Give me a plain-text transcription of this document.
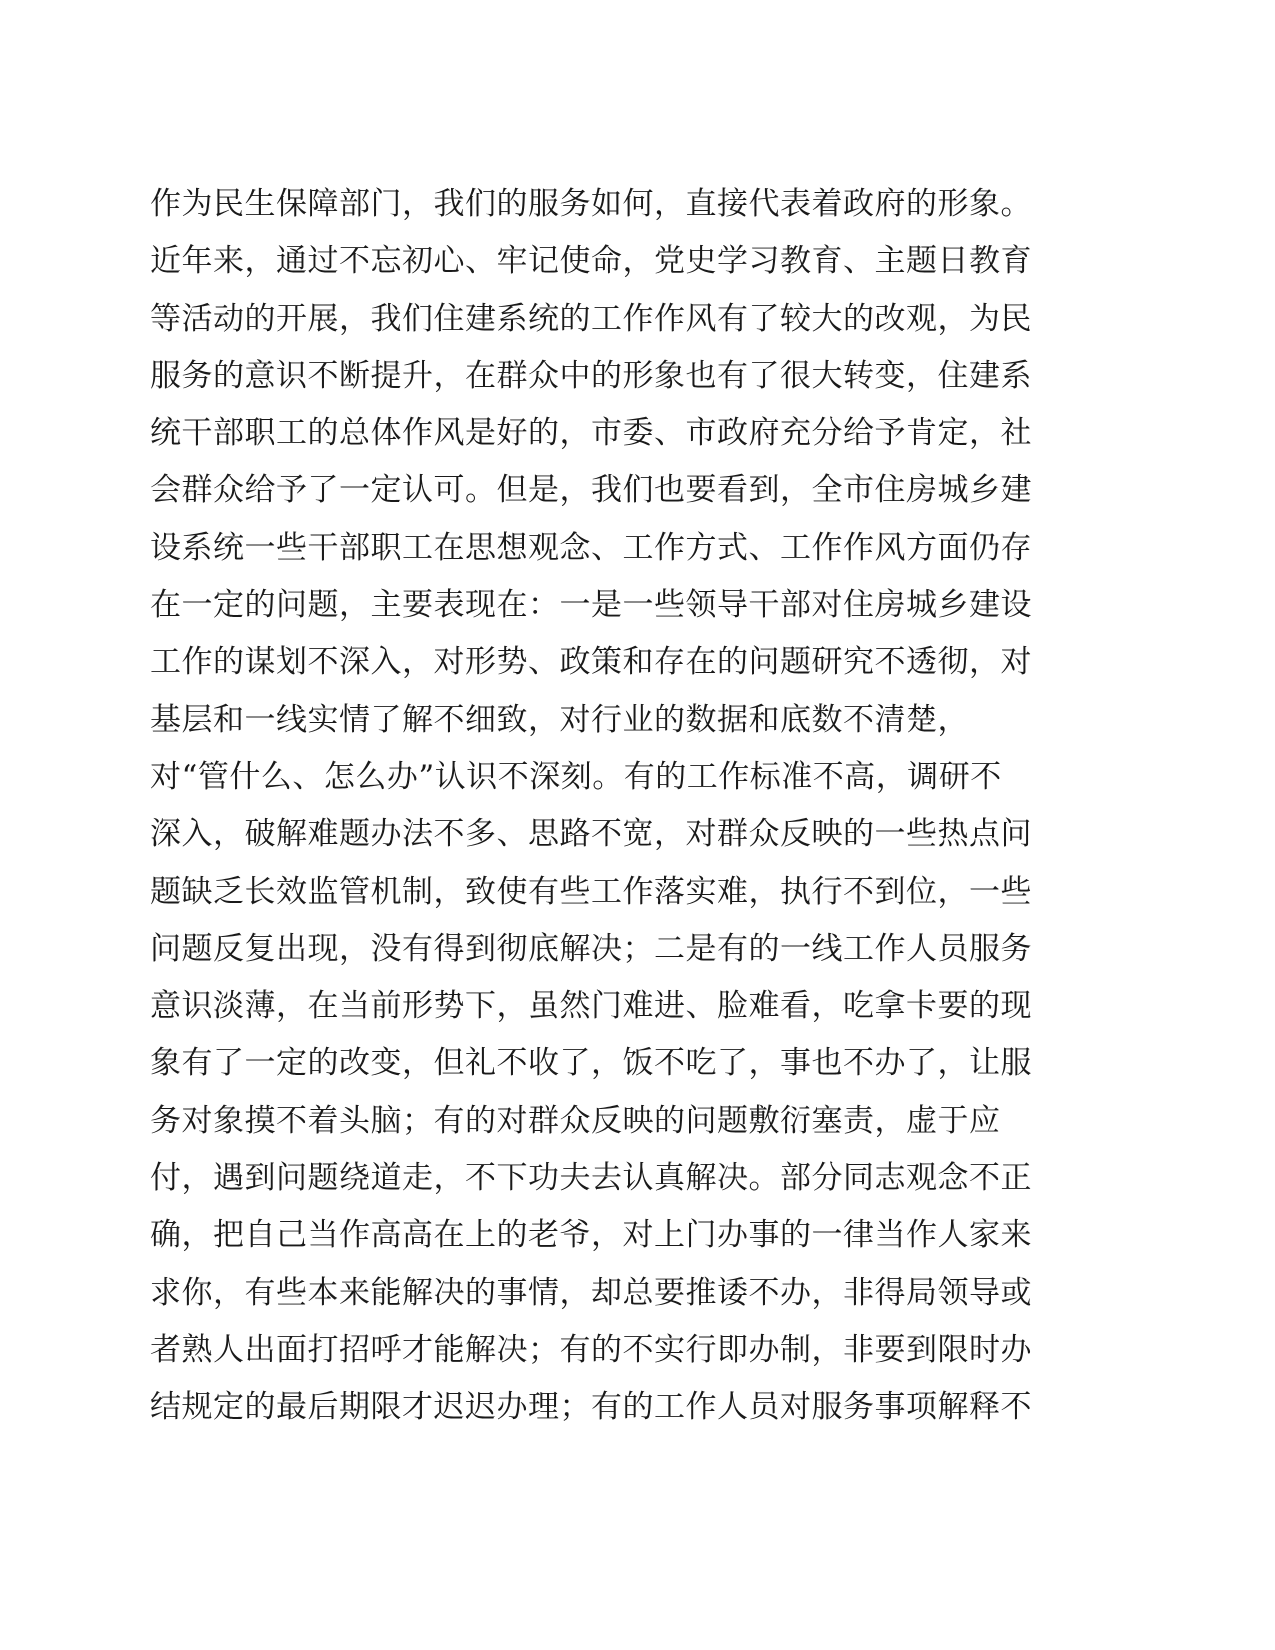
作为民生保障部门，我们的服务如何，直接代表着政府的形象。
近年来，通过不忘初心、牢记使命，党史学习教育、主题日教育
等活动的开展，我们住建系统的工作作风有了较大的改观，为民
服务的意识不断提升，在群众中的形象也有了很大转变，住建系
统干部职工的总体作风是好的，市委、市政府充分给予肯定，社
会群众给予了一定认可。但是，我们也要看到，全市住房城乡建
设系统一些干部职工在思想观念、工作方式、工作作风方面仍存
在一定的问题，主要表现在：一是一些领导干部对住房城乡建设
工作的谋划不深入，对形势、政策和存在的问题研究不透彻，对
基层和一线实情了解不细致，对行业的数据和底数不清楚，
对“管什么、怎么办”认识不深刻。有的工作标准不高，调研不
深入，破解难题办法不多、思路不宽，对群众反映的一些热点问
题缺乏长效监管机制，致使有些工作落实难，执行不到位，一些
问题反复出现，没有得到彻底解决；二是有的一线工作人员服务
意识淡薄，在当前形势下，虽然门难进、脸难看，吃拿卡要的现
象有了一定的改变，但礼不收了，饭不吃了，事也不办了，让服
务对象摸不着头脑；有的对群众反映的问题敷衍塞责，虚于应
付，遇到问题绕道走，不下功夫去认真解决。部分同志观念不正
确，把自己当作高高在上的老爷，对上门办事的一律当作人家来
求你，有些本来能解决的事情，却总要推诿不办，非得局领导或
者熟人出面打招呼才能解决；有的不实行即办制，非要到限时办
结规定的最后期限才迟迟办理；有的工作人员对服务事项解释不
